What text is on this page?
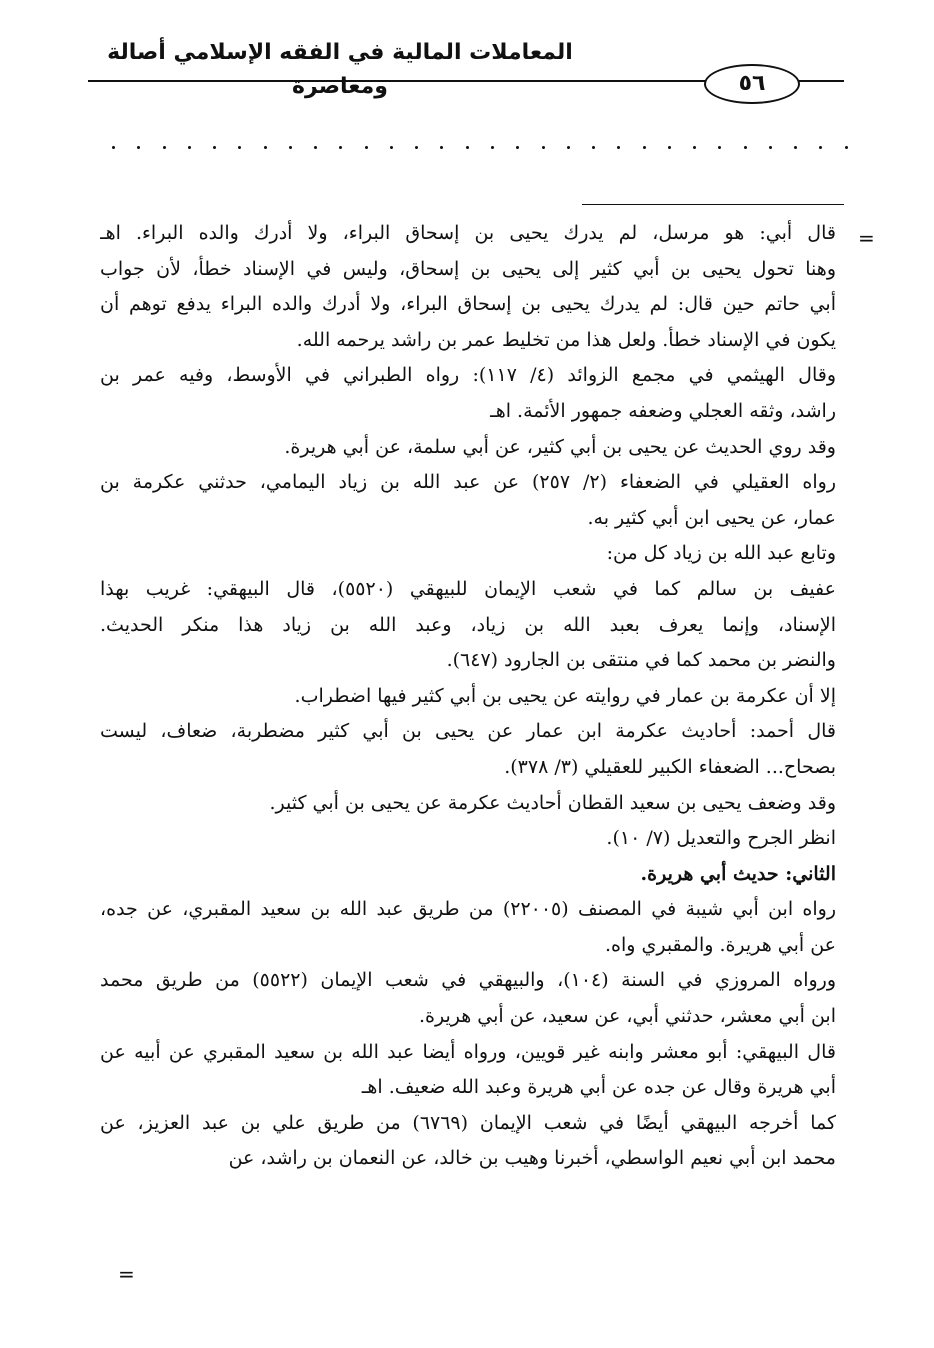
المعاملات المالية في الفقه الإسلامي أصالة ومعاصرة	٥٦
=
قال أبي: هو مرسل، لم يدرك يحيى بن إسحاق البراء، ولا أدرك والده البراء. اهـ
وهنا تحول يحيى بن أبي كثير إلى يحيى بن إسحاق، وليس في الإسناد خطأ، لأن جواب
أبي حاتم حين قال: لم يدرك يحيى بن إسحاق البراء، ولا أدرك والده البراء يدفع توهم أن
يكون في الإسناد خطأ. ولعل هذا من تخليط عمر بن راشد يرحمه الله.
وقال الهيثمي في مجمع الزوائد (٤/ ١١٧): رواه الطبراني في الأوسط، وفيه عمر بن
راشد، وثقه العجلي وضعفه جمهور الأئمة. اهـ
وقد روي الحديث عن يحيى بن أبي كثير، عن أبي سلمة، عن أبي هريرة.
رواه العقيلي في الضعفاء (٢/ ٢٥٧) عن عبد الله بن زياد اليمامي، حدثني عكرمة بن
عمار، عن يحيى ابن أبي كثير به.
وتابع عبد الله بن زياد كل من:
عفيف بن سالم كما في شعب الإيمان للبيهقي (٥٥٢٠)، قال البيهقي: غريب بهذا
الإسناد، وإنما يعرف بعبد الله بن زياد، وعبد الله بن زياد هذا منكر الحديث.
والنضر بن محمد كما في منتقى بن الجارود (٦٤٧).
إلا أن عكرمة بن عمار في روايته عن يحيى بن أبي كثير فيها اضطراب.
قال أحمد: أحاديث عكرمة ابن عمار عن يحيى بن أبي كثير مضطربة، ضعاف، ليست
بصحاح... الضعفاء الكبير للعقيلي (٣/ ٣٧٨).
وقد وضعف يحيى بن سعيد القطان أحاديث عكرمة عن يحيى بن أبي كثير.
انظر الجرح والتعديل (٧/ ١٠).
الثاني: حديث أبي هريرة.
رواه ابن أبي شيبة في المصنف (٢٢٠٠٥) من طريق عبد الله بن سعيد المقبري، عن جده،
عن أبي هريرة. والمقبري واه.
ورواه المروزي في السنة (١٠٤)، والبيهقي في شعب الإيمان (٥٥٢٢) من طريق محمد
ابن أبي معشر، حدثني أبي، عن سعيد، عن أبي هريرة.
قال البيهقي: أبو معشر وابنه غير قويين، ورواه أيضا عبد الله بن سعيد المقبري عن أبيه عن
أبي هريرة وقال عن جده عن أبي هريرة وعبد الله ضعيف. اهـ
كما أخرجه البيهقي أيضًا في شعب الإيمان (٦٧٦٩) من طريق علي بن عبد العزيز، عن
محمد ابن أبي نعيم الواسطي، أخبرنا وهيب بن خالد، عن النعمان بن راشد، عن
=
